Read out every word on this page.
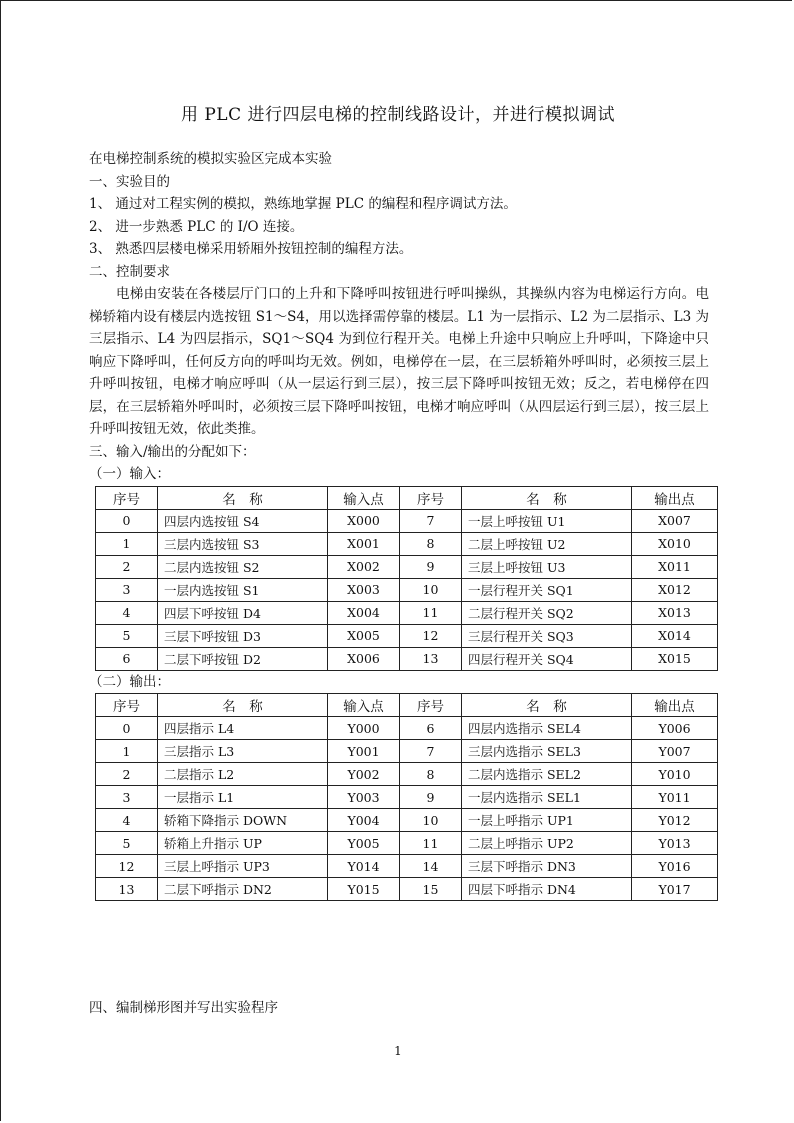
用 PLC 进行四层电梯的控制线路设计，并进行模拟调试
在电梯控制系统的模拟实验区完成本实验
一、实验目的
1、 通过对工程实例的模拟，熟练地掌握 PLC 的编程和程序调试方法。
2、 进一步熟悉 PLC 的 I/O 连接。
3、 熟悉四层楼电梯采用轿厢外按钮控制的编程方法。
二、控制要求
电梯由安装在各楼层厅门口的上升和下降呼叫按钮进行呼叫操纵，其操纵内容为电梯运行方向。电梯轿箱内设有楼层内选按钮 S1～S4，用以选择需停靠的楼层。L1 为一层指示、L2 为二层指示、L3 为三层指示、L4 为四层指示，SQ1～SQ4 为到位行程开关。电梯上升途中只响应上升呼叫，下降途中只响应下降呼叫，任何反方向的呼叫均无效。例如，电梯停在一层，在三层轿箱外呼叫时，必须按三层上升呼叫按钮，电梯才响应呼叫（从一层运行到三层），按三层下降呼叫按钮无效；反之，若电梯停在四层，在三层轿箱外呼叫时，必须按三层下降呼叫按钮，电梯才响应呼叫（从四层运行到三层），按三层上升呼叫按钮无效，依此类推。
三、输入/输出的分配如下：
（一）输入：
序号	名　称	输入点	序号	名　称	输出点
0	四层内选按钮 S4	X000	7	一层上呼按钮 U1	X007
1	三层内选按钮 S3	X001	8	二层上呼按钮 U2	X010
2	二层内选按钮 S2	X002	9	三层上呼按钮 U3	X011
3	一层内选按钮 S1	X003	10	一层行程开关 SQ1	X012
4	四层下呼按钮 D4	X004	11	二层行程开关 SQ2	X013
5	三层下呼按钮 D3	X005	12	三层行程开关 SQ3	X014
6	二层下呼按钮 D2	X006	13	四层行程开关 SQ4	X015
（二）输出：
序号	名　称	输入点	序号	名　称	输出点
0	四层指示 L4	Y000	6	四层内选指示 SEL4	Y006
1	三层指示 L3	Y001	7	三层内选指示 SEL3	Y007
2	二层指示 L2	Y002	8	二层内选指示 SEL2	Y010
3	一层指示 L1	Y003	9	一层内选指示 SEL1	Y011
4	轿箱下降指示 DOWN	Y004	10	一层上呼指示 UP1	Y012
5	轿箱上升指示 UP	Y005	11	二层上呼指示 UP2	Y013
12	三层上呼指示 UP3	Y014	14	三层下呼指示 DN3	Y016
13	二层下呼指示 DN2	Y015	15	四层下呼指示 DN4	Y017
四、编制梯形图并写出实验程序
1
